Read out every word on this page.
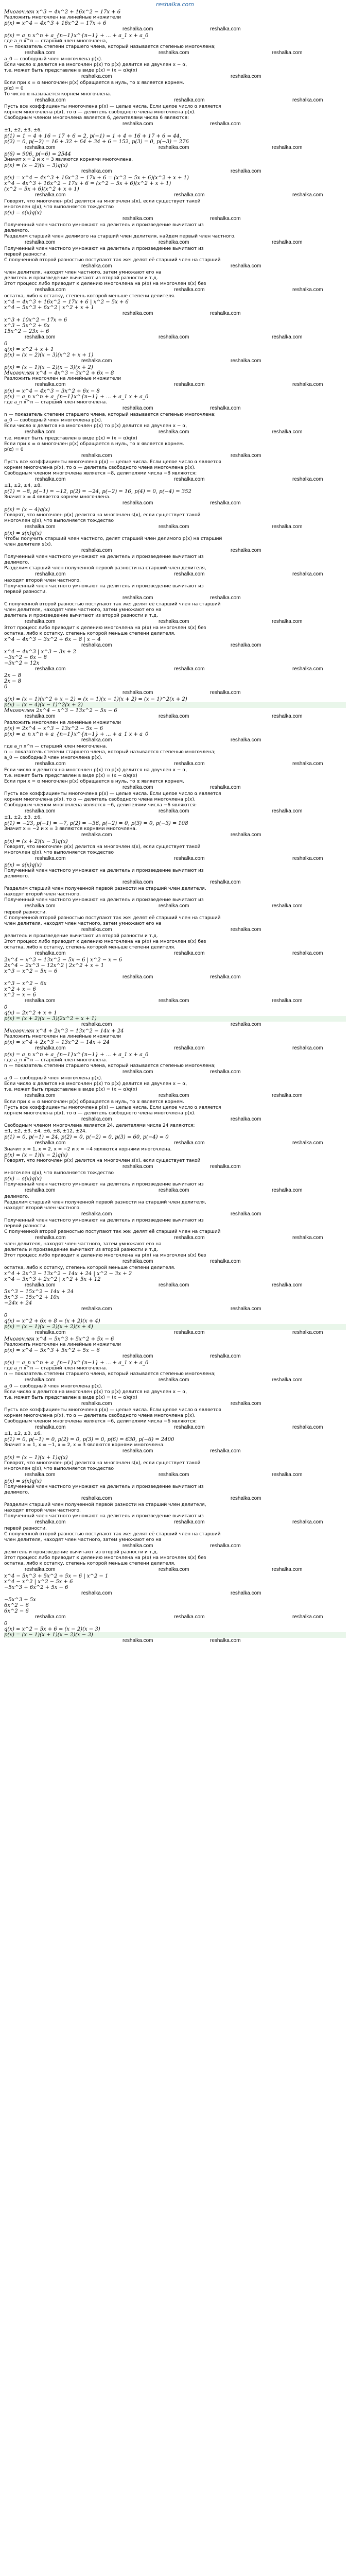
reshalka.com
Многочлен x^3 − 4x^2 + 16x^2 − 17x + 6
Разложить многочлен на линейные множители
p(x) = x^4 − 4x^3 + 16x^2 − 17x + 6
reshalka.com	reshalka.com
p(x) = a_n x^n + a_{n−1}x^{n−1} + ... + a_1 x + a_0
где a_n x^n — старший член многочлена,
n — показатель степени старшего члена, который называется степенью многочлена;
reshalka.com	reshalka.com	reshalka.com
a_0 — свободный член многочлена p(x).
Если число α делится на многочлен p(x) то p(x) делится на двучлен x − α,
т.е. может быть представлен в виде p(x) = (x − α)q(x)
reshalka.com	reshalka.com
Если при x = α многочлен p(x) обращается в нуль, то α является корнем.
p(α) = 0
То число α называется корнем многочлена.
reshalka.com	reshalka.com	reshalka.com
Пусть все коэффициенты многочлена p(x) — целые числа. Если целое число α является
корнем многочлена p(x), то α — делитель свободного члена многочлена p(x).
Свободным членом многочлена является 6, делителями числа 6 являются:
reshalka.com	reshalka.com
±1, ±2, ±3, ±6.
p(1) = 1 − 4 + 16 − 17 + 6 = 2, p(−1) = 1 + 4 + 16 + 17 + 6 = 44,
p(2) = 0, p(−2) = 16 + 32 + 64 + 34 + 6 = 152, p(3) = 0, p(−3) = 276
reshalka.com	reshalka.com	reshalka.com
p(6) = 906, p(−6) = 2544
Значит x = 2 и x = 3 являются корнями многочлена.
p(x) = (x − 2)(x − 3)q(x)
reshalka.com	reshalka.com
p(x) = x^4 − 4x^3 + 16x^2 − 17x + 6 = (x^2 − 5x + 6)(x^2 + x + 1)
x^4 − 4x^3 + 16x^2 − 17x + 6 = (x^2 − 5x + 6)(x^2 + x + 1)
(x^2 − 5x + 6)(x^2 + x + 1)
reshalka.com	reshalka.com	reshalka.com
Говорят, что многочлен p(x) делится на многочлен s(x), если существует такой
многочлен q(x), что выполняется тождество
p(x) = s(x)q(x)
reshalka.com	reshalka.com
Полученный член частного умножают на делитель и произведение вычитают из
делимого.
Разделим старший член делимого на старший член делителя, найдем первый член частного.
reshalka.com	reshalka.com	reshalka.com
Полученный член частного умножают на делитель и произведение вычитают из
первой разности.
С полученной второй разностью поступают так же: делят её старший член на старший
reshalka.com	reshalka.com
член делителя, находят член частного, затем умножают его на
делитель и произведение вычитают из второй разности и т.д.
Этот процесс либо приводит к делению многочлена на p(x) на многочлен s(x) без
reshalka.com	reshalka.com	reshalka.com
остатка, либо к остатку, степень которой меньше степени делителя.
x^4 − 4x^3 + 16x^2 − 17x + 6 | x^2 − 5x + 6
x^4 − 5x^3 + 6x^2 | x^2 + x + 1
reshalka.com	reshalka.com
x^3 + 10x^2 − 17x + 6
x^3 − 5x^2 + 6x
15x^2 − 23x + 6
reshalka.com	reshalka.com	reshalka.com
0
q(x) = x^2 + x + 1
p(x) = (x − 2)(x − 3)(x^2 + x + 1)
reshalka.com	reshalka.com
p(x) = (x − 1)(x − 2)(x − 3)(x + 2)
Многочлен x^4 − 4x^3 − 3x^2 + 6x − 8
Разложить многочлен на линейные множители
reshalka.com	reshalka.com	reshalka.com
p(x) = x^4 − 4x^3 − 3x^2 + 6x − 8
p(x) = a_n x^n + a_{n−1}x^{n−1} + ... + a_1 x + a_0
где a_n x^n — старший член многочлена.
reshalka.com	reshalka.com
n — показатель степени старшего члена, который называется степенью многочлена;
a_0 — свободный член многочлена p(x).
Если число α делится на многочлен p(x) то p(x) делится на двучлен x − α,
reshalka.com	reshalka.com	reshalka.com
т.е. может быть представлен в виде p(x) = (x − α)q(x)
Если при x = α многочлен p(x) обращается в нуль, то α является корнем.
p(α) = 0
reshalka.com	reshalka.com
Пусть все коэффициенты многочлена p(x) — целые числа. Если целое число α является
корнем многочлена p(x), то α — делитель свободного члена многочлена p(x).
Свободным членом многочлена является −8, делителями числа −8 являются:
reshalka.com	reshalka.com	reshalka.com
±1, ±2, ±4, ±8.
p(1) = −8, p(−1) = −12, p(2) = −24, p(−2) = 16, p(4) = 0, p(−4) = 352
Значит x = 4 является корнем многочлена.
reshalka.com	reshalka.com
p(x) = (x − 4)q(x)
Говорят, что многочлен p(x) делится на многочлен s(x), если существует такой
многочлен q(x), что выполняется тождество
reshalka.com	reshalka.com	reshalka.com
p(x) = s(x)q(x)
Чтобы получить старший член частного, делят старший член делимого p(x) на старший
член делителя s(x).
reshalka.com	reshalka.com
Полученный член частного умножают на делитель и произведение вычитают из
делимого.
Разделим старший член полученной первой разности на старший член делителя,
reshalka.com	reshalka.com	reshalka.com
находят второй член частного.
Полученный член частного умножают на делитель и произведение вычитают из
первой разности.
reshalka.com	reshalka.com
С полученной второй разностью поступают так же: делят её старший член на старший
член делителя, находят член частного, затем умножают его на
делитель и произведение вычитают из второй разности и т.д.
reshalka.com	reshalka.com	reshalka.com
Этот процесс либо приводит к делению многочлена на p(x) на многочлен s(x) без
остатка, либо к остатку, степень которой меньше степени делителя.
x^4 − 4x^3 − 3x^2 + 6x − 8 | x − 4
reshalka.com	reshalka.com
x^4 − 4x^3 | x^3 − 3x + 2
−3x^2 + 6x − 8
−3x^2 + 12x
reshalka.com	reshalka.com	reshalka.com
2x − 8
2x − 8
0
reshalka.com	reshalka.com
q(x) = (x − 1)(x^2 + x − 2) = (x − 1)(x − 1)(x + 2) = (x − 1)^2(x + 2)
p(x) = (x − 4)(x − 1)^2(x + 2)
Многочлен 2x^4 − x^3 − 13x^2 − 5x − 6
reshalka.com	reshalka.com	reshalka.com
Разложить многочлен на линейные множители
p(x) = 2x^4 − x^3 − 13x^2 − 5x − 6
p(x) = a_n x^n + a_{n−1}x^{n−1} + ... + a_1 x + a_0
reshalka.com	reshalka.com
где a_n x^n — старший член многочлена.
n — показатель степени старшего члена, который называется степенью многочлена;
a_0 — свободный член многочлена p(x).
reshalka.com	reshalka.com	reshalka.com
Если число α делится на многочлен p(x) то p(x) делится на двучлен x − α,
т.е. может быть представлен в виде p(x) = (x − α)q(x)
Если при x = α многочлен p(x) обращается в нуль, то α является корнем.
reshalka.com	reshalka.com
Пусть все коэффициенты многочлена p(x) — целые числа. Если целое число α является
корнем многочлена p(x), то α — делитель свободного члена многочлена p(x).
Свободным членом многочлена является −6, делителями числа −6 являются:
reshalka.com	reshalka.com	reshalka.com
±1, ±2, ±3, ±6.
p(1) = −23, p(−1) = −7, p(2) = −36, p(−2) = 0, p(3) = 0, p(−3) = 108
Значит x = −2 и x = 3 являются корнями многочлена.
reshalka.com	reshalka.com
p(x) = (x + 2)(x − 3)q(x)
Говорят, что многочлен p(x) делится на многочлен s(x), если существует такой
многочлен q(x), что выполняется тождество
reshalka.com	reshalka.com	reshalka.com
p(x) = s(x)q(x)
Полученный член частного умножают на делитель и произведение вычитают из
делимого.
reshalka.com	reshalka.com
Разделим старший член полученной первой разности на старший член делителя,
находят второй член частного.
Полученный член частного умножают на делитель и произведение вычитают из
reshalka.com	reshalka.com	reshalka.com
первой разности.
С полученной второй разностью поступают так же: делят её старший член на старший
член делителя, находят член частного, затем умножают его на
reshalka.com	reshalka.com
делитель и произведение вычитают из второй разности и т.д.
Этот процесс либо приводит к делению многочлена на p(x) на многочлен s(x) без
остатка, либо к остатку, степень которой меньше степени делителя.
reshalka.com	reshalka.com	reshalka.com
2x^4 − x^3 − 13x^2 − 5x − 6 | x^2 − x − 6
2x^4 − 2x^3 − 12x^2 | 2x^2 + x + 1
x^3 − x^2 − 5x − 6
reshalka.com	reshalka.com
x^3 − x^2 − 6x
x^2 + x − 6
x^2 − x − 6
reshalka.com	reshalka.com	reshalka.com
0
q(x) = 2x^2 + x + 1
p(x) = (x + 2)(x − 3)(2x^2 + x + 1)
reshalka.com	reshalka.com
Многочлен x^4 + 2x^3 − 13x^2 − 14x + 24
Разложить многочлен на линейные множители
p(x) = x^4 + 2x^3 − 13x^2 − 14x + 24
reshalka.com	reshalka.com	reshalka.com
p(x) = a_n x^n + a_{n−1}x^{n−1} + ... + a_1 x + a_0
где a_n x^n — старший член многочлена.
n — показатель степени старшего члена, который называется степенью многочлена;
reshalka.com	reshalka.com
a_0 — свободный член многочлена p(x).
Если число α делится на многочлен p(x) то p(x) делится на двучлен x − α,
т.е. может быть представлен в виде p(x) = (x − α)q(x)
reshalka.com	reshalka.com	reshalka.com
Если при x = α многочлен p(x) обращается в нуль, то α является корнем.
Пусть все коэффициенты многочлена p(x) — целые числа. Если целое число α является
корнем многочлена p(x), то α — делитель свободного члена многочлена p(x).
reshalka.com	reshalka.com
Свободным членом многочлена является 24, делителями числа 24 являются:
±1, ±2, ±3, ±4, ±6, ±8, ±12, ±24.
p(1) = 0, p(−1) = 24, p(2) = 0, p(−2) = 0, p(3) = 60, p(−4) = 0
reshalka.com	reshalka.com	reshalka.com
Значит x = 1, x = 2, x = −2 и x = −4 являются корнями многочлена.
p(x) = (x − 1)(x − 2)q(x)
Говорят, что многочлен p(x) делится на многочлен s(x), если существует такой
reshalka.com	reshalka.com
многочлен q(x), что выполняется тождество
p(x) = s(x)q(x)
Полученный член частного умножают на делитель и произведение вычитают из
reshalka.com	reshalka.com	reshalka.com
делимого.
Разделим старший член полученной первой разности на старший член делителя,
находят второй член частного.
reshalka.com	reshalka.com
Полученный член частного умножают на делитель и произведение вычитают из
первой разности.
С полученной второй разностью поступают так же: делят её старший член на старший
reshalka.com	reshalka.com	reshalka.com
член делителя, находят член частного, затем умножают его на
делитель и произведение вычитают из второй разности и т.д.
Этот процесс либо приводит к делению многочлена на p(x) на многочлен s(x) без
reshalka.com	reshalka.com
остатка, либо к остатку, степень которой меньше степени делителя.
x^4 + 2x^3 − 13x^2 − 14x + 24 | x^2 − 3x + 2
x^4 − 3x^3 + 2x^2 | x^2 + 5x + 12
reshalka.com	reshalka.com	reshalka.com
5x^3 − 15x^2 − 14x + 24
5x^3 − 15x^2 + 10x
−24x + 24
reshalka.com	reshalka.com
0
q(x) = x^2 + 6x + 8 = (x + 2)(x + 4)
p(x) = (x − 1)(x − 2)(x + 2)(x + 4)
reshalka.com	reshalka.com	reshalka.com
Многочлен x^4 − 5x^3 + 5x^2 + 5x − 6
Разложить многочлен на линейные множители
p(x) = x^4 − 5x^3 + 5x^2 + 5x − 6
reshalka.com	reshalka.com
p(x) = a_n x^n + a_{n−1}x^{n−1} + ... + a_1 x + a_0
где a_n x^n — старший член многочлена.
n — показатель степени старшего члена, который называется степенью многочлена;
reshalka.com	reshalka.com	reshalka.com
a_0 — свободный член многочлена p(x).
Если число α делится на многочлен p(x) то p(x) делится на двучлен x − α,
т.е. может быть представлен в виде p(x) = (x − α)q(x)
reshalka.com	reshalka.com
Пусть все коэффициенты многочлена p(x) — целые числа. Если целое число α является
корнем многочлена p(x), то α — делитель свободного члена многочлена p(x).
Свободным членом многочлена является −6, делителями числа −6 являются:
reshalka.com	reshalka.com	reshalka.com
±1, ±2, ±3, ±6.
p(1) = 0, p(−1) = 0, p(2) = 0, p(3) = 0, p(6) = 630, p(−6) = 2400
Значит x = 1, x = −1, x = 2, x = 3 являются корнями многочлена.
reshalka.com	reshalka.com
p(x) = (x − 1)(x + 1)q(x)
Говорят, что многочлен p(x) делится на многочлен s(x), если существует такой
многочлен q(x), что выполняется тождество
reshalka.com	reshalka.com	reshalka.com
p(x) = s(x)q(x)
Полученный член частного умножают на делитель и произведение вычитают из
делимого.
reshalka.com	reshalka.com
Разделим старший член полученной первой разности на старший член делителя,
находят второй член частного.
Полученный член частного умножают на делитель и произведение вычитают из
reshalka.com	reshalka.com	reshalka.com
первой разности.
С полученной второй разностью поступают так же: делят её старший член на старший
член делителя, находят член частного, затем умножают его на
reshalka.com	reshalka.com
делитель и произведение вычитают из второй разности и т.д.
Этот процесс либо приводит к делению многочлена на p(x) на многочлен s(x) без
остатка, либо к остатку, степень которой меньше степени делителя.
reshalka.com	reshalka.com	reshalka.com
x^4 − 5x^3 + 5x^2 + 5x − 6 | x^2 − 1
x^4 − x^2 | x^2 − 5x + 6
−5x^3 + 6x^2 + 5x − 6
reshalka.com	reshalka.com
−5x^3 + 5x
6x^2 − 6
6x^2 − 6
reshalka.com	reshalka.com	reshalka.com
0
q(x) = x^2 − 5x + 6 = (x − 2)(x − 3)
p(x) = (x − 1)(x + 1)(x − 2)(x − 3)
reshalka.com	reshalka.com
